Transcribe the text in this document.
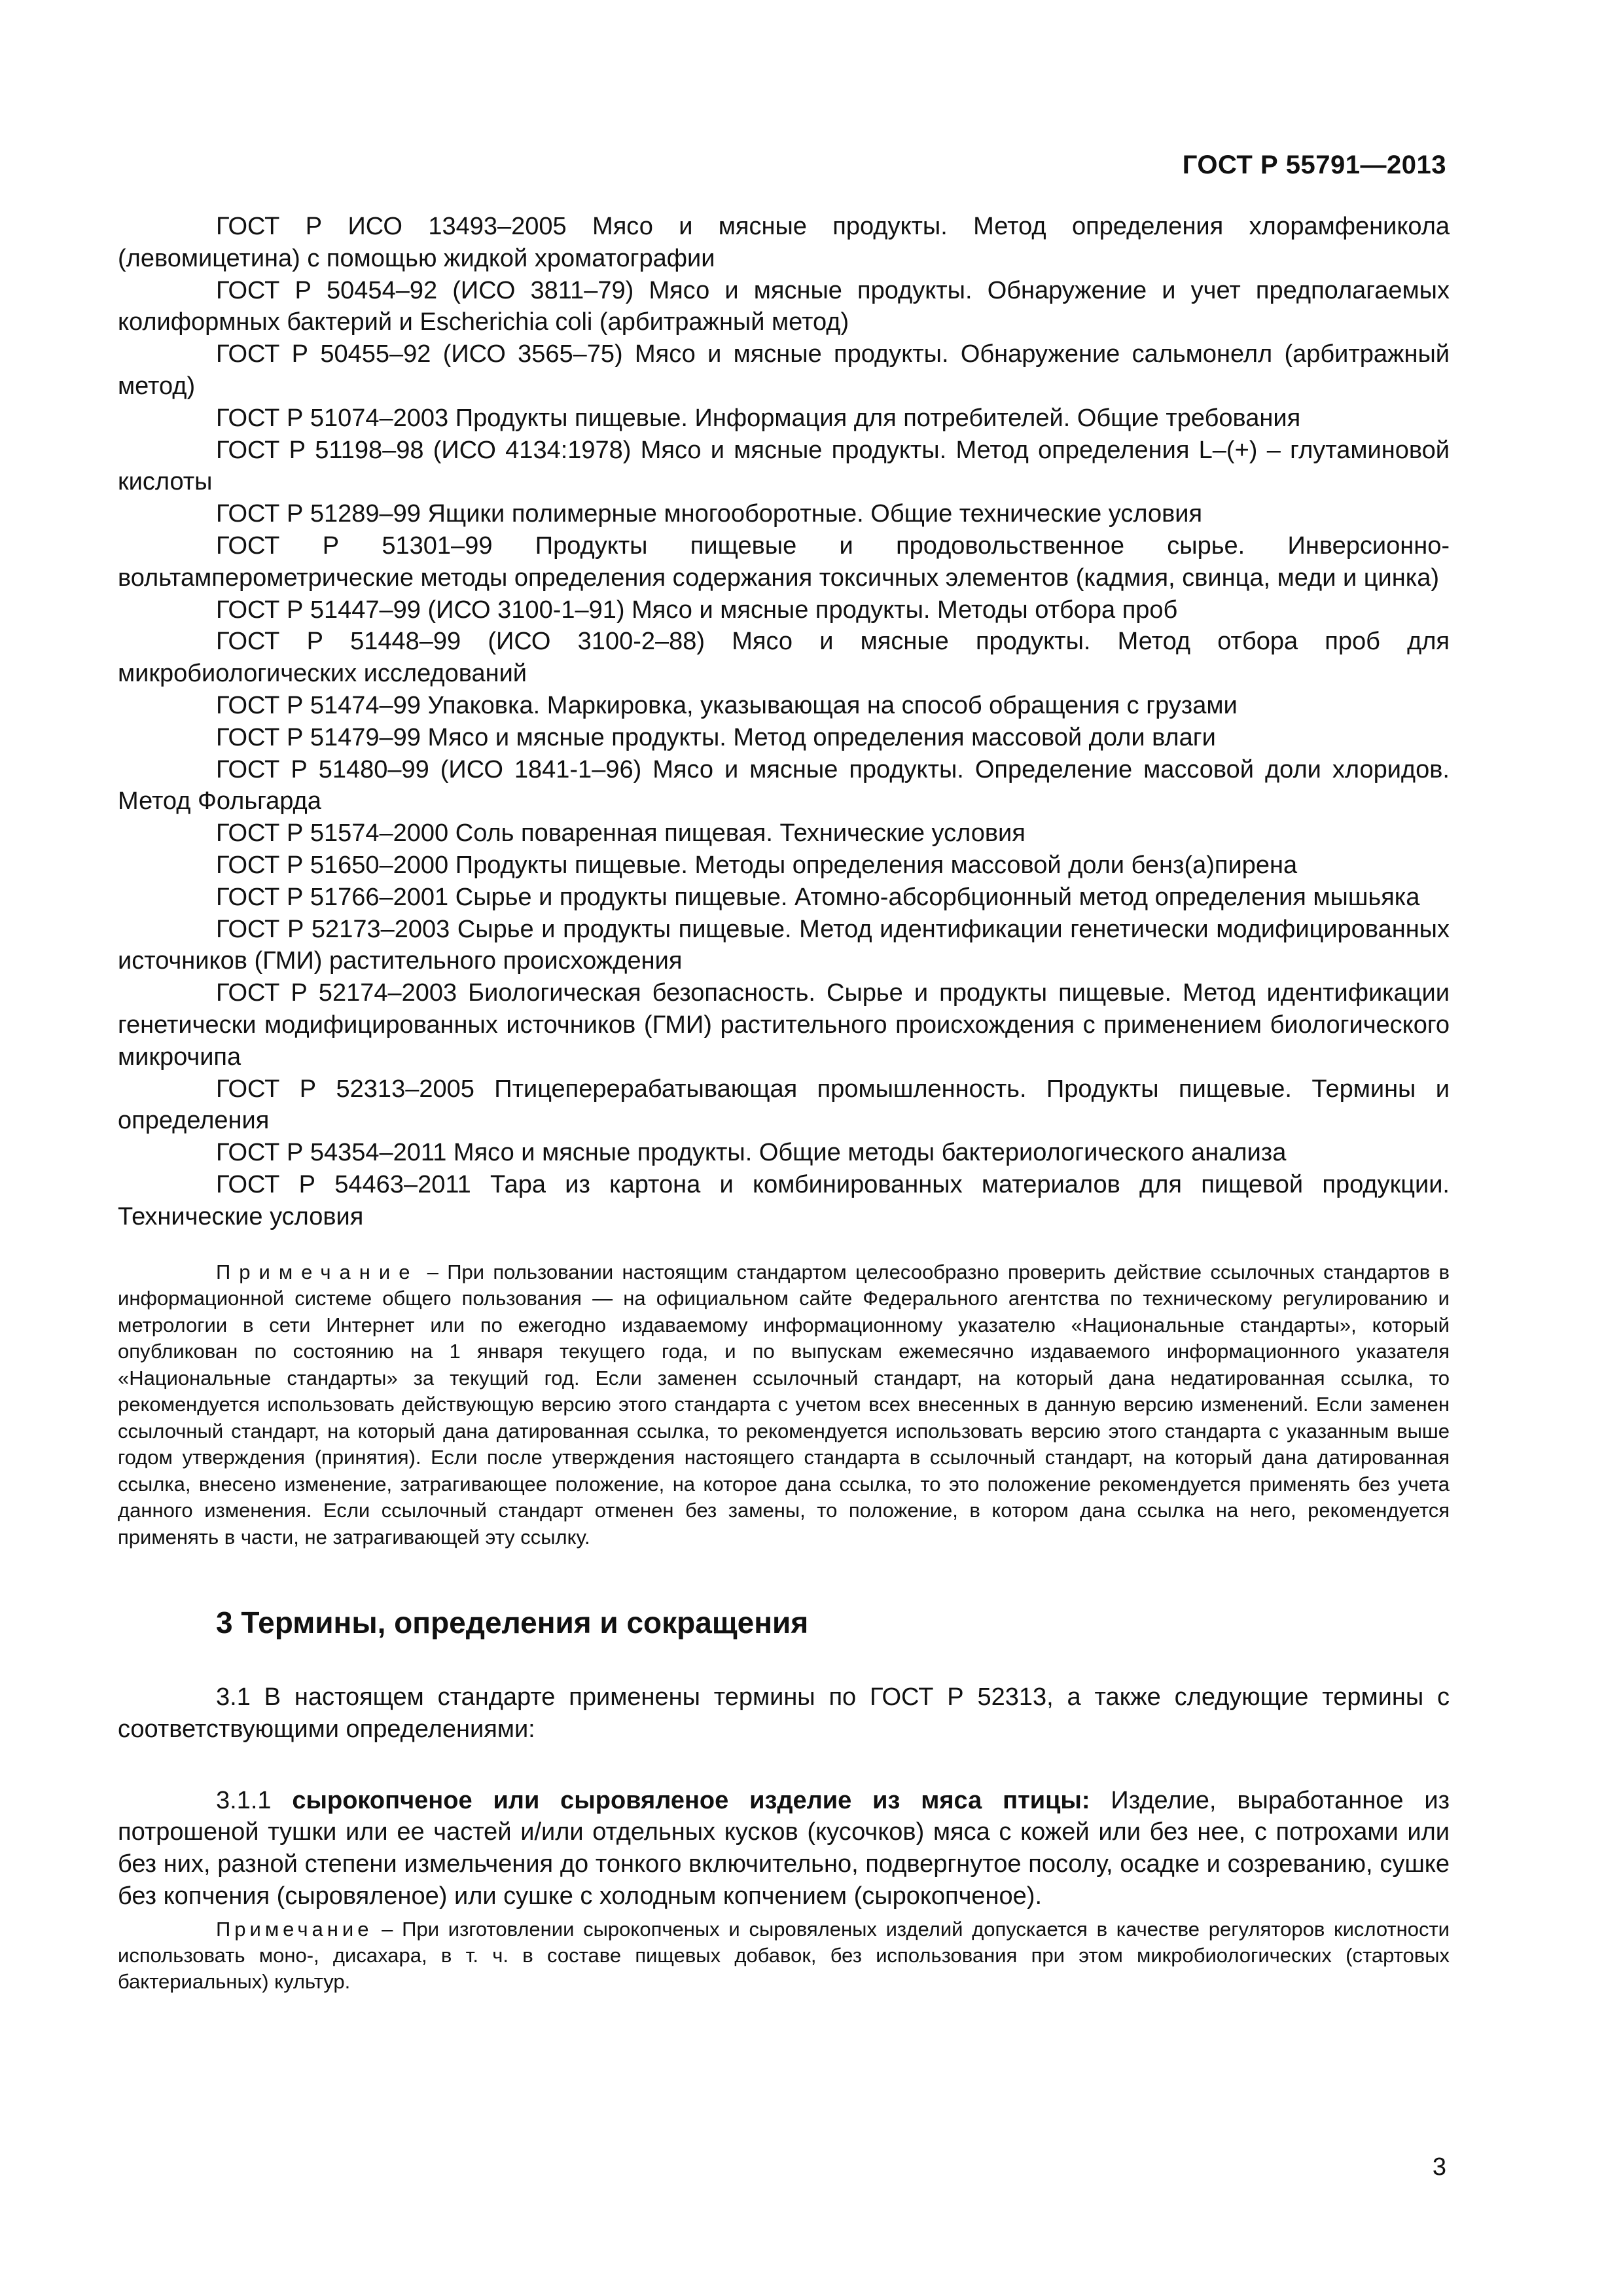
ГОСТ Р 55791—2013

ГОСТ Р ИСО 13493–2005 Мясо и мясные продукты. Метод определения хлорамфеникола (левомицетина) с помощью жидкой хроматографии

ГОСТ Р 50454–92 (ИСО 3811–79) Мясо и мясные продукты. Обнаружение и учет предполагаемых колиформных бактерий и Escherichia coli (арбитражный метод)

ГОСТ Р 50455–92 (ИСО 3565–75) Мясо и мясные продукты. Обнаружение сальмонелл (арбитражный метод)

ГОСТ Р 51074–2003 Продукты пищевые. Информация для потребителей. Общие требования

ГОСТ Р 51198–98 (ИСО 4134:1978) Мясо и мясные продукты. Метод определения L–(+) – глутаминовой кислоты

ГОСТ Р 51289–99 Ящики полимерные многооборотные. Общие технические условия

ГОСТ Р 51301–99 Продукты пищевые и продовольственное сырье. Инверсионно- вольтамперометрические методы определения содержания токсичных элементов (кадмия, свинца, меди и цинка)

ГОСТ Р 51447–99 (ИСО 3100-1–91) Мясо и мясные продукты. Методы отбора проб

ГОСТ Р 51448–99 (ИСО 3100-2–88) Мясо и мясные продукты. Метод отбора проб для микробиологических исследований

ГОСТ Р 51474–99 Упаковка. Маркировка, указывающая на способ обращения с грузами

ГОСТ Р 51479–99 Мясо и мясные продукты. Метод определения массовой доли влаги

ГОСТ Р 51480–99 (ИСО 1841-1–96) Мясо и мясные продукты. Определение массовой доли хлоридов. Метод Фольгарда

ГОСТ Р 51574–2000 Соль поваренная пищевая. Технические условия

ГОСТ Р 51650–2000 Продукты пищевые. Методы определения массовой доли бенз(а)пирена

ГОСТ Р 51766–2001 Сырье и продукты пищевые. Атомно-абсорбционный метод определения мышьяка

ГОСТ Р 52173–2003 Сырье и продукты пищевые. Метод идентификации генетически модифицированных источников (ГМИ) растительного происхождения

ГОСТ Р 52174–2003 Биологическая безопасность. Сырье и продукты пищевые. Метод идентификации генетически модифицированных источников (ГМИ) растительного происхождения с применением биологического микрочипа

ГОСТ Р 52313–2005 Птицеперерабатывающая промышленность. Продукты пищевые. Термины и определения

ГОСТ Р 54354–2011 Мясо и мясные продукты. Общие методы бактериологического анализа

ГОСТ Р 54463–2011 Тара из картона и комбинированных материалов для пищевой продукции. Технические условия

Примечание – При пользовании настоящим стандартом целесообразно проверить действие ссылочных стандартов в информационной системе общего пользования — на официальном сайте Федерального агентства по техническому регулированию и метрологии в сети Интернет или по ежегодно издаваемому информационному указателю «Национальные стандарты», который опубликован по состоянию на 1 января текущего года, и по выпускам ежемесячно издаваемого информационного указателя «Национальные стандарты» за текущий год. Если заменен ссылочный стандарт, на который дана недатированная ссылка, то рекомендуется использовать действующую версию этого стандарта с учетом всех внесенных в данную версию изменений. Если заменен ссылочный стандарт, на который дана датированная ссылка, то рекомендуется использовать версию этого стандарта с указанным выше годом утверждения (принятия). Если после утверждения настоящего стандарта в ссылочный стандарт, на который дана датированная ссылка, внесено изменение, затрагивающее положение, на которое дана ссылка, то это положение рекомендуется применять без учета данного изменения. Если ссылочный стандарт отменен без замены, то положение, в котором дана ссылка на него, рекомендуется применять в части, не затрагивающей эту ссылку.

3 Термины, определения и сокращения

3.1 В настоящем стандарте применены термины по ГОСТ Р 52313, а также следующие термины с соответствующими определениями:

3.1.1 сырокопченое или сыровяленое изделие из мяса птицы: Изделие, выработанное из потрошеной тушки или ее частей и/или отдельных кусков (кусочков) мяса с кожей или без нее, с потрохами или без них, разной степени измельчения до тонкого включительно, подвергнутое посолу, осадке и созреванию, сушке без копчения (сыровяленое) или сушке с холодным копчением (сырокопченое).

Примечание – При изготовлении сырокопченых и сыровяленых изделий допускается в качестве регуляторов кислотности использовать моно-, дисахара, в т. ч. в составе пищевых добавок, без использования при этом микробиологических (стартовых бактериальных) культур.

3
